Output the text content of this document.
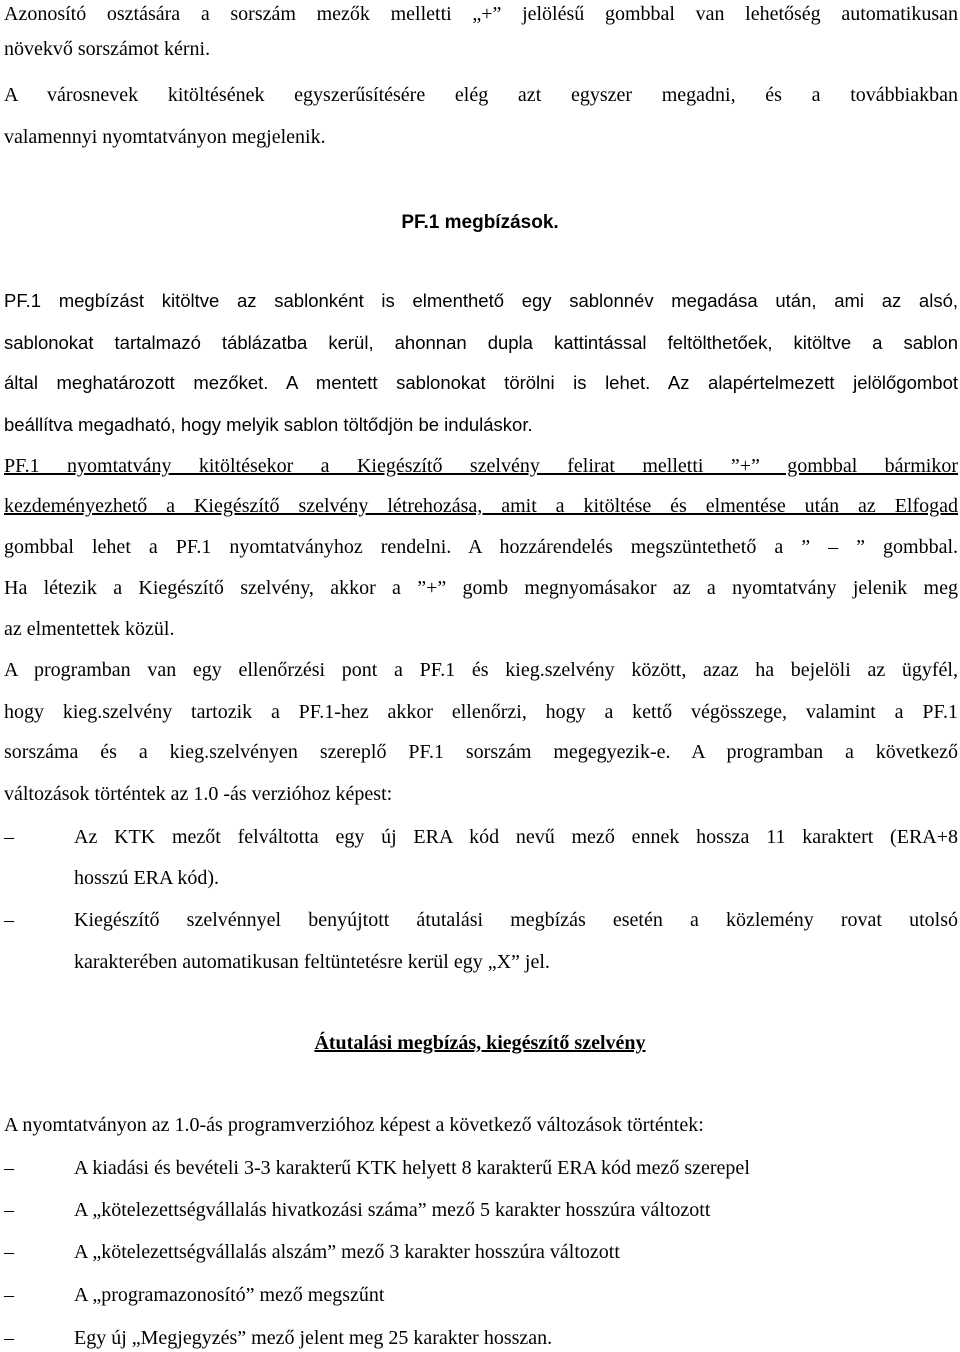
Azonosító osztására a sorszám mezők melletti „+” jelölésű gombbal van lehetőség automatikusan
növekvő sorszámot kérni.
A városnevek kitöltésének egyszerűsítésére elég azt egyszer megadni, és a továbbiakban
valamennyi nyomtatványon megjelenik.
PF.1 megbízások.
PF.1 megbízást kitöltve az sablonként is elmenthető egy sablonnév megadása után, ami az alsó,
sablonokat tartalmazó táblázatba kerül, ahonnan dupla kattintással feltölthetőek, kitöltve a sablon
által meghatározott mezőket. A mentett sablonokat törölni is lehet. Az alapértelmezett jelölőgombot
beállítva megadható, hogy melyik sablon töltődjön be induláskor.
PF.1 nyomtatvány kitöltésekor a Kiegészítő szelvény felirat melletti ”+” gombbal bármikor
kezdeményezhető a Kiegészítő szelvény létrehozása, amit a kitöltése és elmentése után az Elfogad
gombbal lehet a PF.1 nyomtatványhoz rendelni. A hozzárendelés megszüntethető a ” – ” gombbal.
Ha létezik a Kiegészítő szelvény, akkor a ”+” gomb megnyomásakor az a nyomtatvány jelenik meg
az elmentettek közül.
A programban van egy ellenőrzési pont a PF.1 és kieg.szelvény között, azaz ha bejelöli az ügyfél,
hogy kieg.szelvény tartozik a PF.1-hez akkor ellenőrzi, hogy a kettő végösszege, valamint a PF.1
sorszáma és a kieg.szelvényen szereplő PF.1 sorszám megegyezik-e. A programban a következő
változások történtek az 1.0 -ás verzióhoz képest:
–	Az KTK mezőt felváltotta egy új ERA kód nevű mező ennek hossza 11 karaktert (ERA+8
hosszú ERA kód).
–	Kiegészítő szelvénnyel benyújtott átutalási megbízás esetén a közlemény rovat utolsó
karakterében automatikusan feltüntetésre kerül egy „X” jel.
Átutalási megbízás, kiegészítő szelvény
A nyomtatványon az 1.0-ás programverzióhoz képest a következő változások történtek:
–	A kiadási és bevételi 3-3 karakterű KTK helyett 8 karakterű ERA kód mező szerepel
–	A „kötelezettségvállalás hivatkozási száma” mező 5 karakter hosszúra változott
–	A „kötelezettségvállalás alszám” mező 3 karakter hosszúra változott
–	A „programazonosító” mező megszűnt
–	Egy új „Megjegyzés” mező jelent meg 25 karakter hosszan.
